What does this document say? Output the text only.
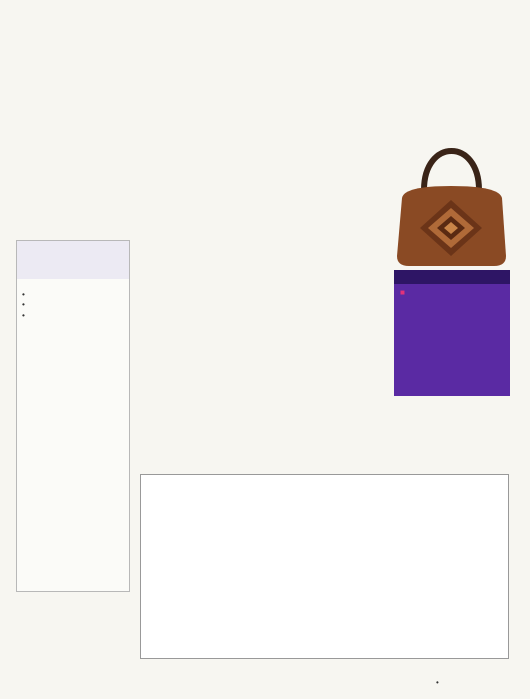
•
•
•
■
•
